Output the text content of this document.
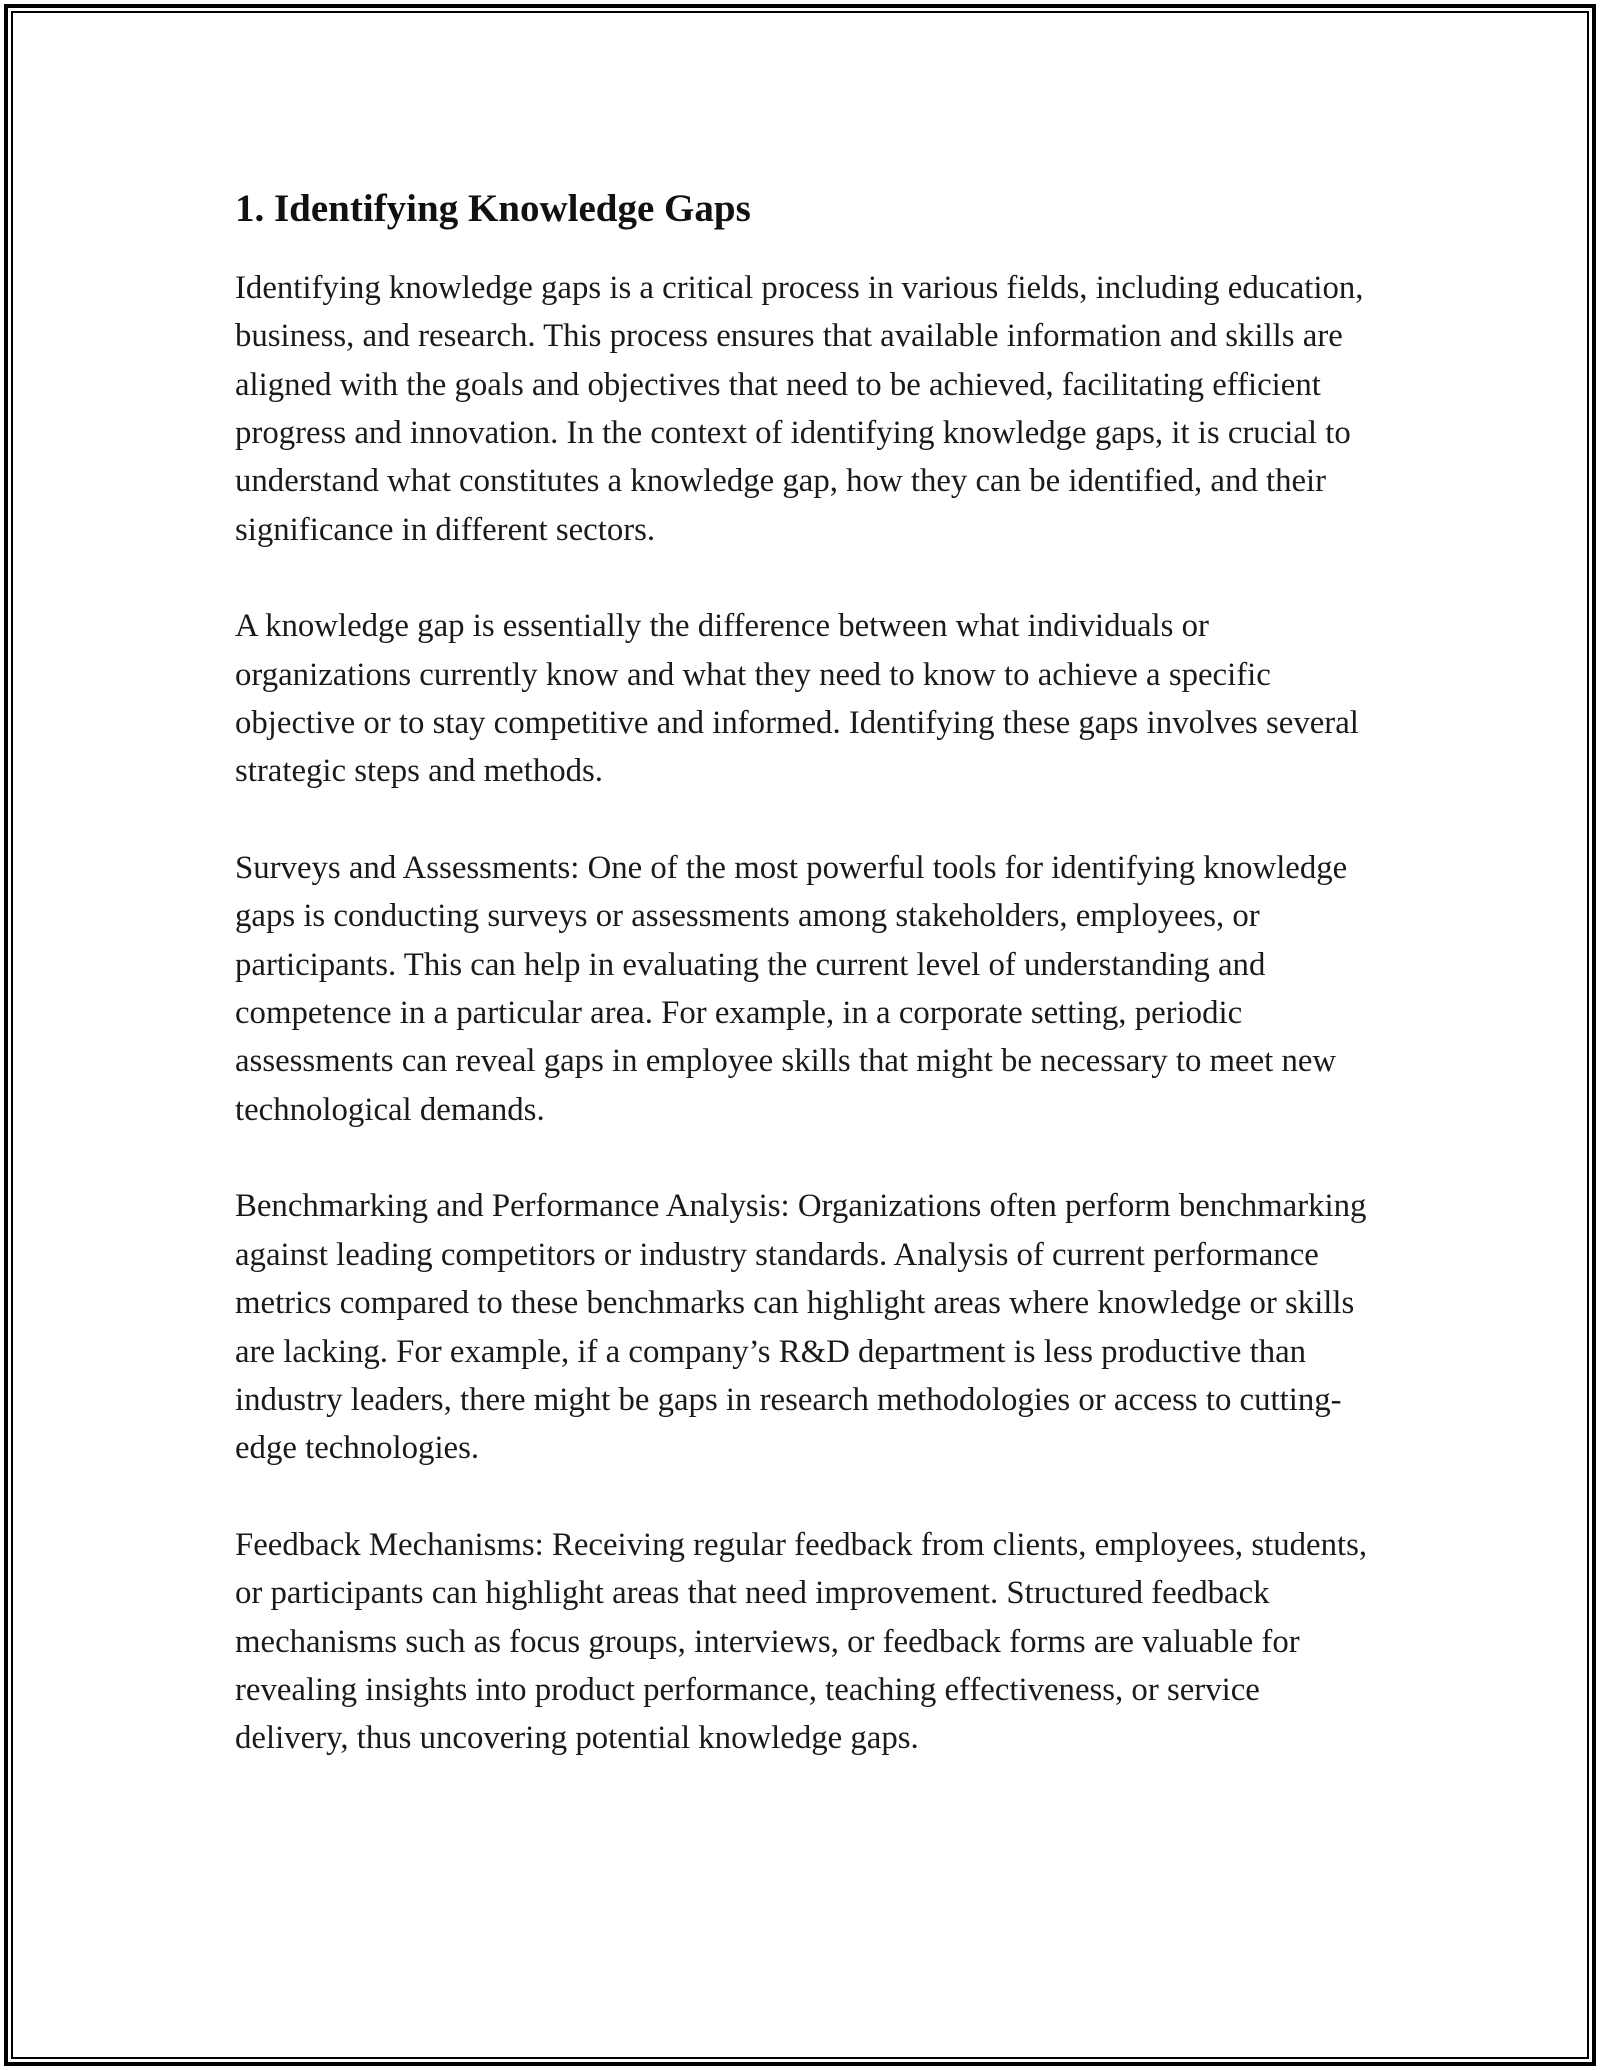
1. Identifying Knowledge Gaps

Identifying knowledge gaps is a critical process in various fields, including education, business, and research. This process ensures that available information and skills are aligned with the goals and objectives that need to be achieved, facilitating efficient progress and innovation. In the context of identifying knowledge gaps, it is crucial to understand what constitutes a knowledge gap, how they can be identified, and their significance in different sectors.

A knowledge gap is essentially the difference between what individuals or organizations currently know and what they need to know to achieve a specific objective or to stay competitive and informed. Identifying these gaps involves several strategic steps and methods.

Surveys and Assessments: One of the most powerful tools for identifying knowledge gaps is conducting surveys or assessments among stakeholders, employees, or participants. This can help in evaluating the current level of understanding and competence in a particular area. For example, in a corporate setting, periodic assessments can reveal gaps in employee skills that might be necessary to meet new technological demands.

Benchmarking and Performance Analysis: Organizations often perform benchmarking against leading competitors or industry standards. Analysis of current performance metrics compared to these benchmarks can highlight areas where knowledge or skills are lacking. For example, if a company’s R&D department is less productive than industry leaders, there might be gaps in research methodologies or access to cutting-edge technologies.

Feedback Mechanisms: Receiving regular feedback from clients, employees, students, or participants can highlight areas that need improvement. Structured feedback mechanisms such as focus groups, interviews, or feedback forms are valuable for revealing insights into product performance, teaching effectiveness, or service delivery, thus uncovering potential knowledge gaps.
